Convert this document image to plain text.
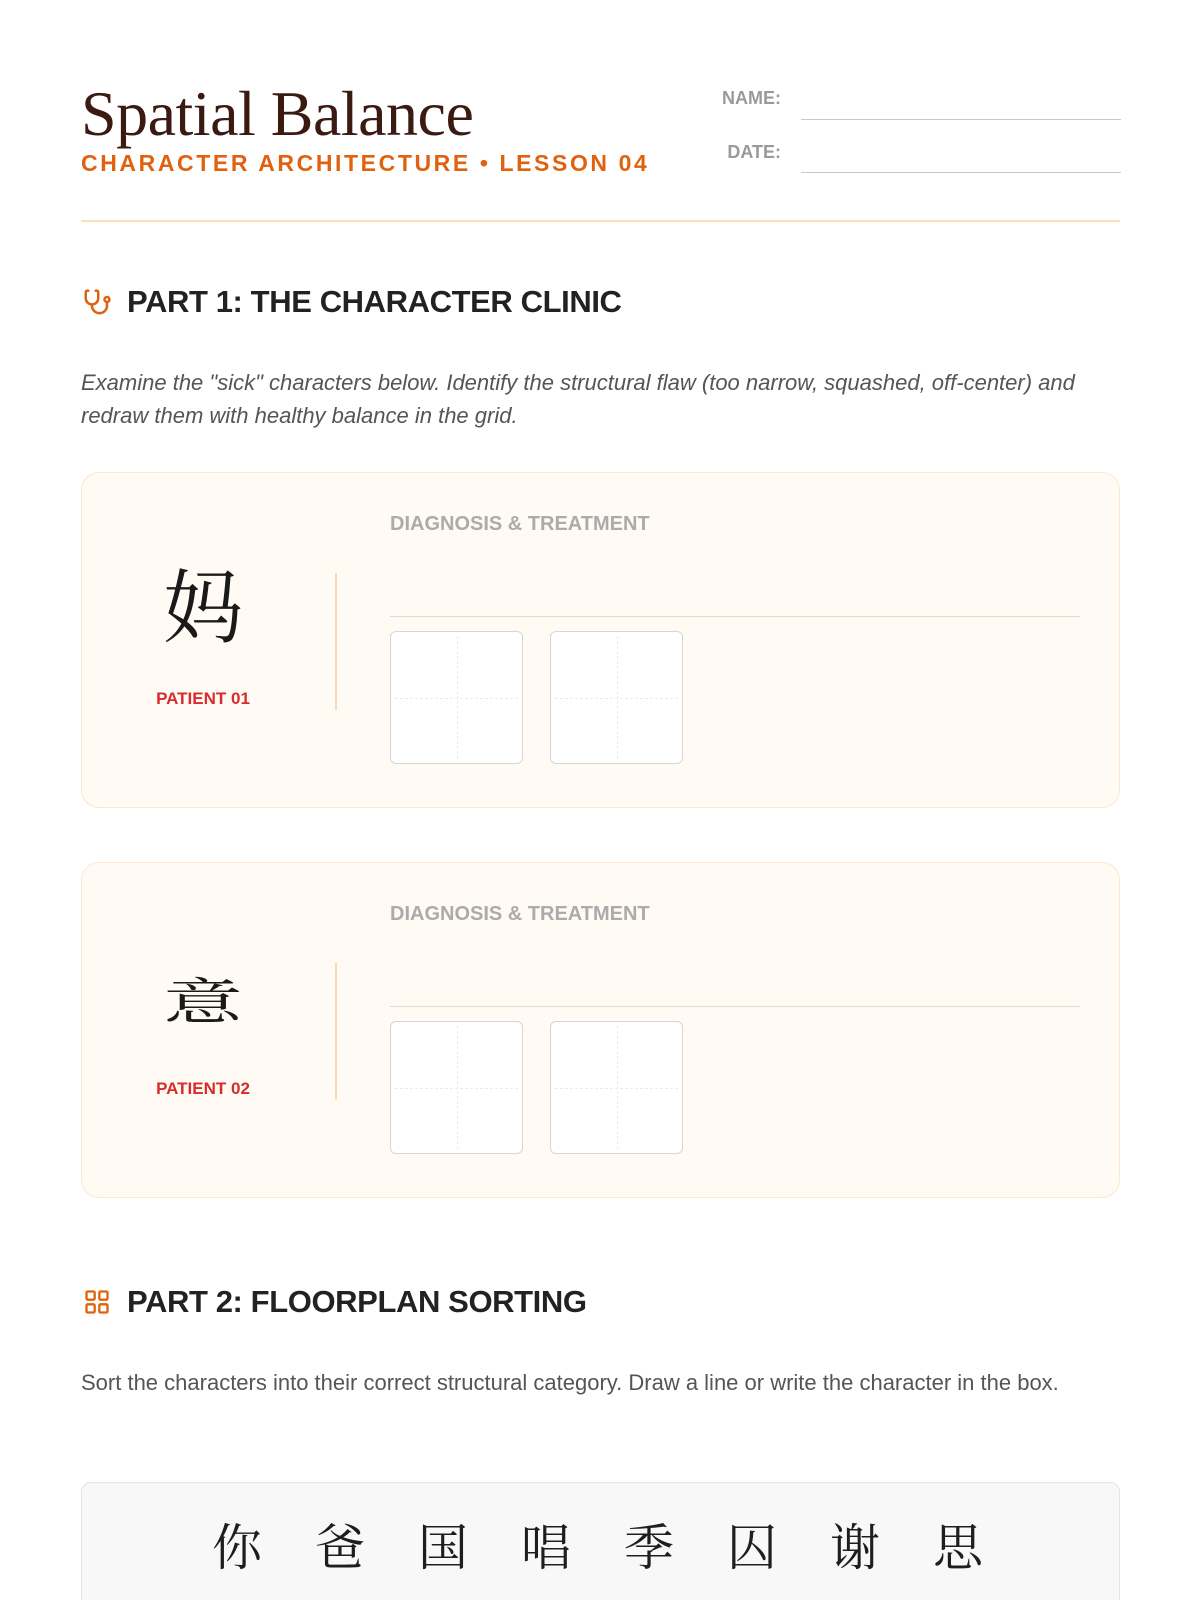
Spatial Balance
CHARACTER ARCHITECTURE • LESSON 04
NAME:
DATE:
PART 1: THE CHARACTER CLINIC
Examine the "sick" characters below. Identify the structural flaw (too narrow, squashed, off-center) and redraw them with healthy balance in the grid.
妈
PATIENT 01
DIAGNOSIS & TREATMENT
意
PATIENT 02
DIAGNOSIS & TREATMENT
PART 2: FLOORPLAN SORTING
Sort the characters into their correct structural category. Draw a line or write the character in the box.
你	爸	国	唱	季	囚	谢	思
